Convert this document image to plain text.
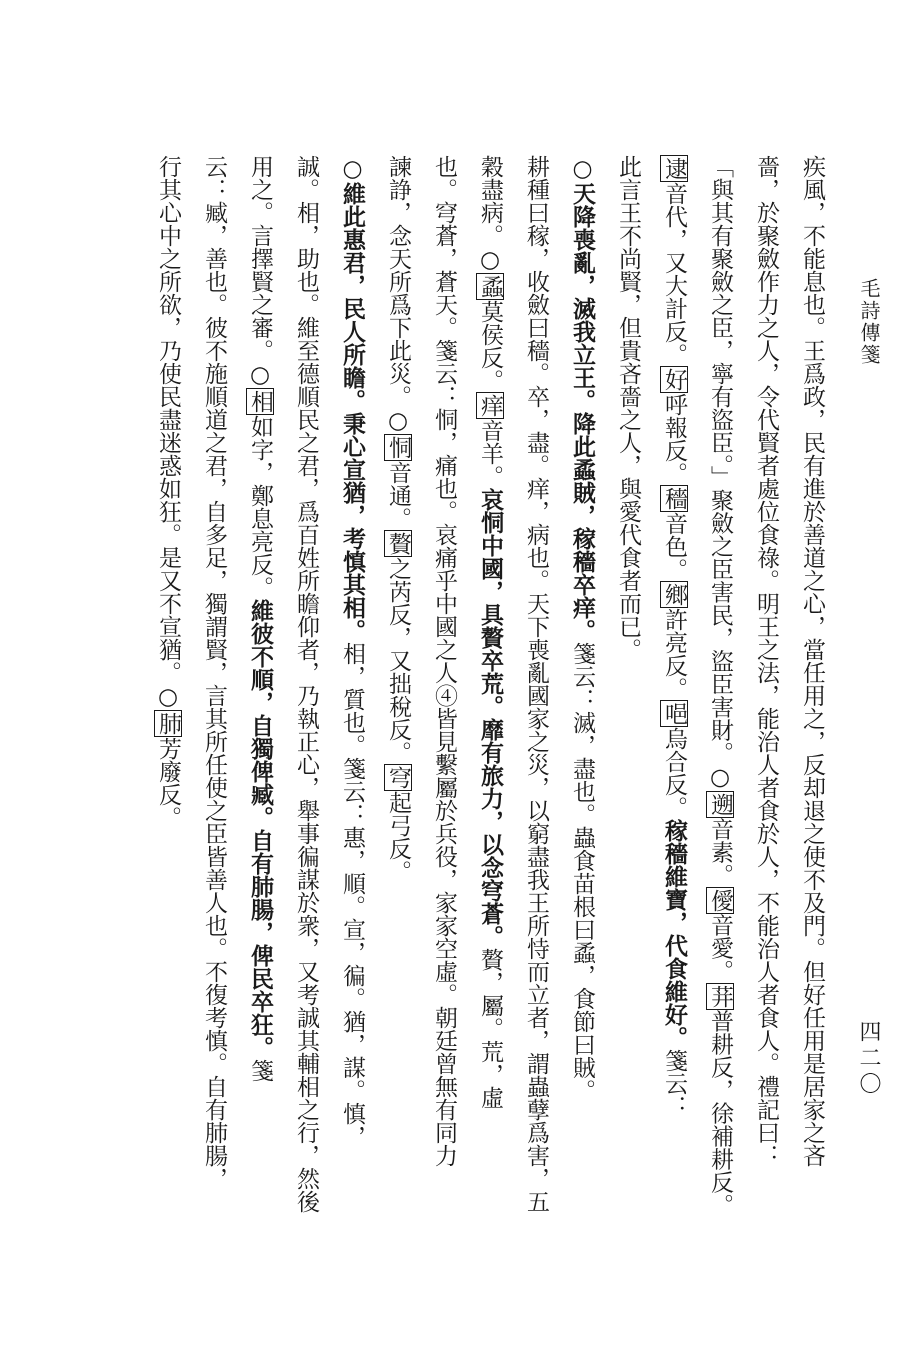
毛詩傳箋
四二〇
疾風，不能息也。王爲政，民有進於善道之心，當任用之，反却退之使不及門。但好任用是居家之吝
嗇，於聚斂作力之人，令代賢者處位食祿。明王之法，能治人者食於人，不能治人者食人。禮記曰：
「與其有聚斂之臣，寧有盜臣。」聚斂之臣害民，盜臣害財。○遡音素。僾音愛。荓普耕反，徐補耕反。
逮音代，又大計反。好呼報反。穡音色。鄉許亮反。唈烏合反。稼穡維寶，代食維好。箋云：
此言王不尚賢，但貴吝嗇之人，與愛代食者而已。
○天降喪亂，滅我立王。降此蟊賊，稼穡卒痒。箋云：滅，盡也。蟲食苗根曰蟊，食節曰賊。
耕種曰稼，收斂曰穡。卒，盡。痒，病也。天下喪亂國家之災，以窮盡我王所恃而立者，謂蟲孽爲害，五
穀盡病。○蟊莫侯反。痒音羊。哀恫中國，具贅卒荒。靡有旅力，以念穹蒼。贅，屬。荒，虛
也。穹蒼，蒼天。箋云：恫，痛也。哀痛乎中國之人④皆見繫屬於兵役，家家空虛。朝廷曾無有同力
諫諍，念天所爲下此災。○恫音通。贅之芮反，又拙稅反。穹起弓反。
○維此惠君，民人所瞻。秉心宣猶，考慎其相。相，質也。箋云：惠，順。宣，徧。猶，謀。慎，
誠。相，助也。維至德順民之君，爲百姓所瞻仰者，乃執正心，舉事徧謀於衆，又考誠其輔相之行，然後
用之。言擇賢之審。○相如字，鄭息亮反。維彼不順，自獨俾臧。自有肺腸，俾民卒狂。箋
云：臧，善也。彼不施順道之君，自多足，獨謂賢，言其所任使之臣皆善人也。不復考慎。自有肺腸，
行其心中之所欲，乃使民盡迷惑如狂。是又不宣猶。○肺芳廢反。
